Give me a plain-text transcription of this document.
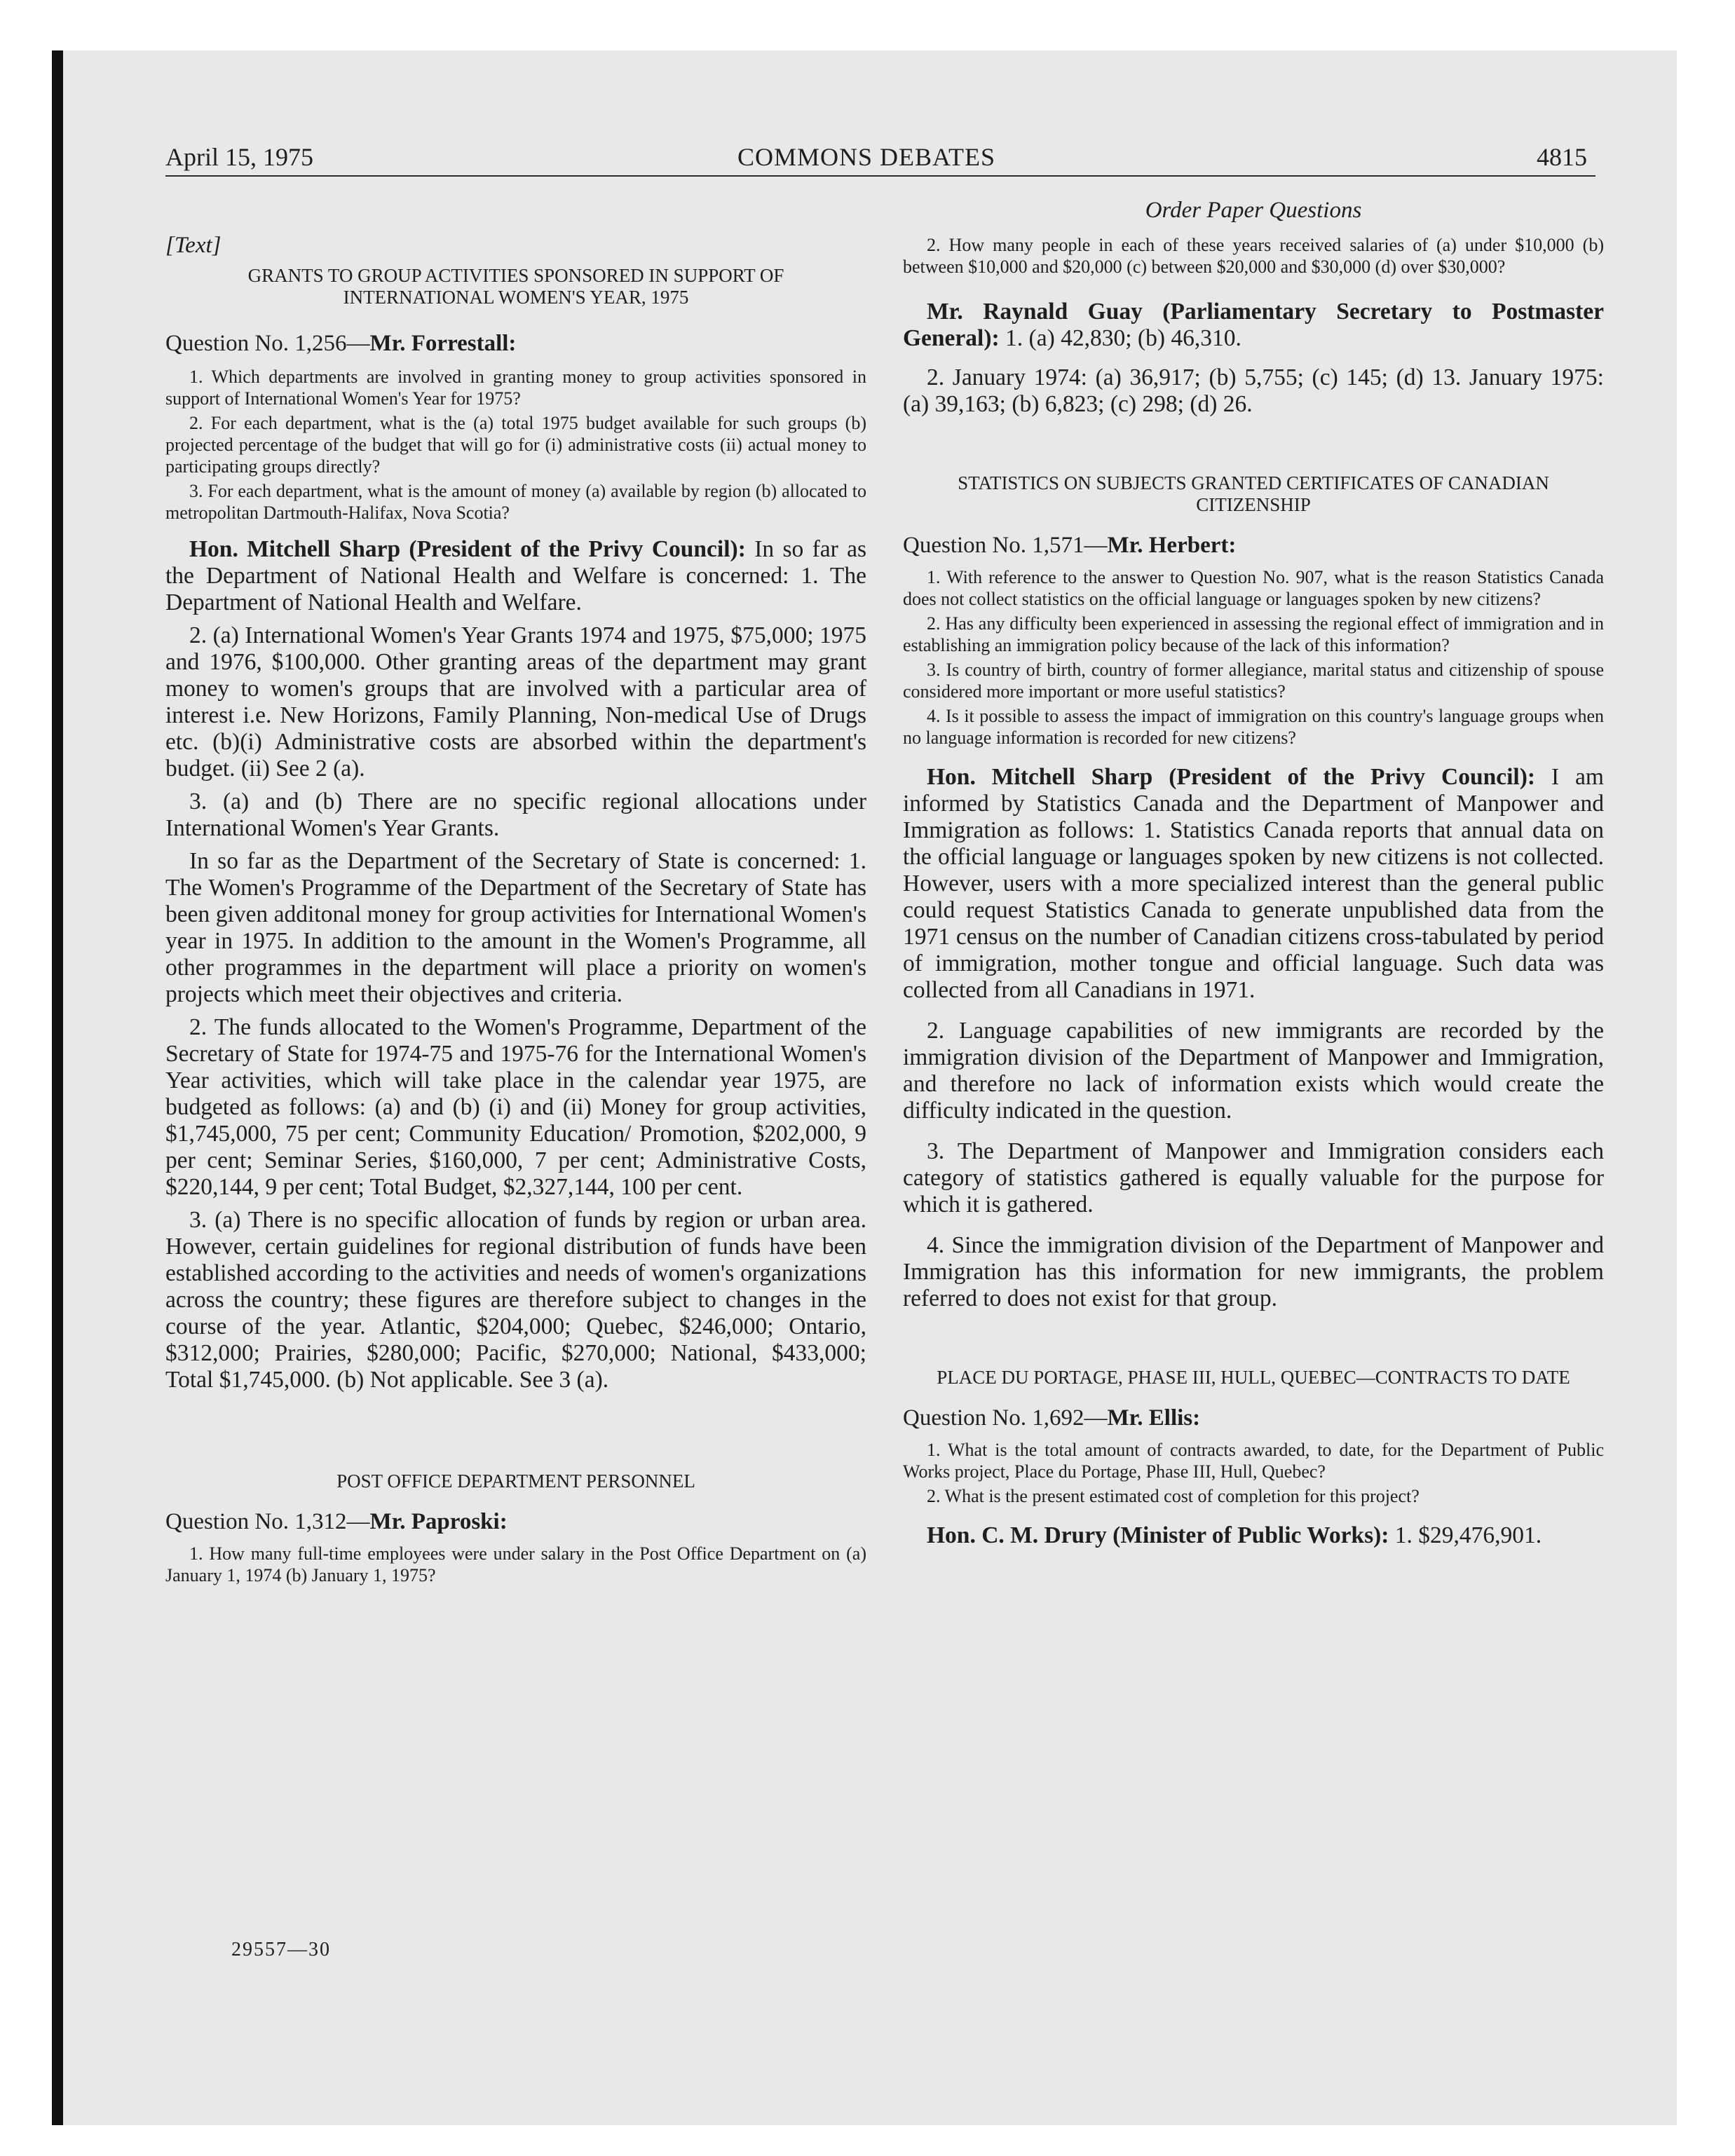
April 15, 1975	COMMONS DEBATES	4815

[Text]

GRANTS TO GROUP ACTIVITIES SPONSORED IN SUPPORT OF INTERNATIONAL WOMEN'S YEAR, 1975

Question No. 1,256—Mr. Forrestall:

1. Which departments are involved in granting money to group activities sponsored in support of International Women's Year for 1975?

2. For each department, what is the (a) total 1975 budget available for such groups (b) projected percentage of the budget that will go for (i) administrative costs (ii) actual money to participating groups directly?

3. For each department, what is the amount of money (a) available by region (b) allocated to metropolitan Dartmouth-Halifax, Nova Scotia?

Hon. Mitchell Sharp (President of the Privy Council): In so far as the Department of National Health and Welfare is concerned: 1. The Department of National Health and Welfare.

2. (a) International Women's Year Grants 1974 and 1975, $75,000; 1975 and 1976, $100,000. Other granting areas of the department may grant money to women's groups that are involved with a particular area of interest i.e. New Horizons, Family Planning, Non-medical Use of Drugs etc. (b)(i) Administrative costs are absorbed within the department's budget. (ii) See 2 (a).

3. (a) and (b) There are no specific regional allocations under International Women's Year Grants.

In so far as the Department of the Secretary of State is concerned: 1. The Women's Programme of the Department of the Secretary of State has been given additonal money for group activities for International Women's year in 1975. In addition to the amount in the Women's Programme, all other programmes in the department will place a priority on women's projects which meet their objectives and criteria.

2. The funds allocated to the Women's Programme, Department of the Secretary of State for 1974-75 and 1975-76 for the International Women's Year activities, which will take place in the calendar year 1975, are budgeted as follows: (a) and (b) (i) and (ii) Money for group activities, $1,745,000, 75 per cent; Community Education/ Promotion, $202,000, 9 per cent; Seminar Series, $160,000, 7 per cent; Administrative Costs, $220,144, 9 per cent; Total Budget, $2,327,144, 100 per cent.

3. (a) There is no specific allocation of funds by region or urban area. However, certain guidelines for regional distribution of funds have been established according to the activities and needs of women's organizations across the country; these figures are therefore subject to changes in the course of the year. Atlantic, $204,000; Quebec, $246,000; Ontario, $312,000; Prairies, $280,000; Pacific, $270,000; National, $433,000; Total $1,745,000. (b) Not applicable. See 3 (a).

POST OFFICE DEPARTMENT PERSONNEL

Question No. 1,312—Mr. Paproski:

1. How many full-time employees were under salary in the Post Office Department on (a) January 1, 1974 (b) January 1, 1975?

29557—30

Order Paper Questions

2. How many people in each of these years received salaries of (a) under $10,000 (b) between $10,000 and $20,000 (c) between $20,000 and $30,000 (d) over $30,000?

Mr. Raynald Guay (Parliamentary Secretary to Postmaster General): 1. (a) 42,830; (b) 46,310.

2. January 1974: (a) 36,917; (b) 5,755; (c) 145; (d) 13. January 1975: (a) 39,163; (b) 6,823; (c) 298; (d) 26.

STATISTICS ON SUBJECTS GRANTED CERTIFICATES OF CANADIAN CITIZENSHIP

Question No. 1,571—Mr. Herbert:

1. With reference to the answer to Question No. 907, what is the reason Statistics Canada does not collect statistics on the official language or languages spoken by new citizens?

2. Has any difficulty been experienced in assessing the regional effect of immigration and in establishing an immigration policy because of the lack of this information?

3. Is country of birth, country of former allegiance, marital status and citizenship of spouse considered more important or more useful statistics?

4. Is it possible to assess the impact of immigration on this country's language groups when no language information is recorded for new citizens?

Hon. Mitchell Sharp (President of the Privy Council): I am informed by Statistics Canada and the Department of Manpower and Immigration as follows: 1. Statistics Canada reports that annual data on the official language or languages spoken by new citizens is not collected. However, users with a more specialized interest than the general public could request Statistics Canada to generate unpublished data from the 1971 census on the number of Canadian citizens cross-tabulated by period of immigration, mother tongue and official language. Such data was collected from all Canadians in 1971.

2. Language capabilities of new immigrants are recorded by the immigration division of the Department of Manpower and Immigration, and therefore no lack of information exists which would create the difficulty indicated in the question.

3. The Department of Manpower and Immigration considers each category of statistics gathered is equally valuable for the purpose for which it is gathered.

4. Since the immigration division of the Department of Manpower and Immigration has this information for new immigrants, the problem referred to does not exist for that group.

PLACE DU PORTAGE, PHASE III, HULL, QUEBEC—CONTRACTS TO DATE

Question No. 1,692—Mr. Ellis:

1. What is the total amount of contracts awarded, to date, for the Department of Public Works project, Place du Portage, Phase III, Hull, Quebec?

2. What is the present estimated cost of completion for this project?

Hon. C. M. Drury (Minister of Public Works): 1. $29,476,901.
